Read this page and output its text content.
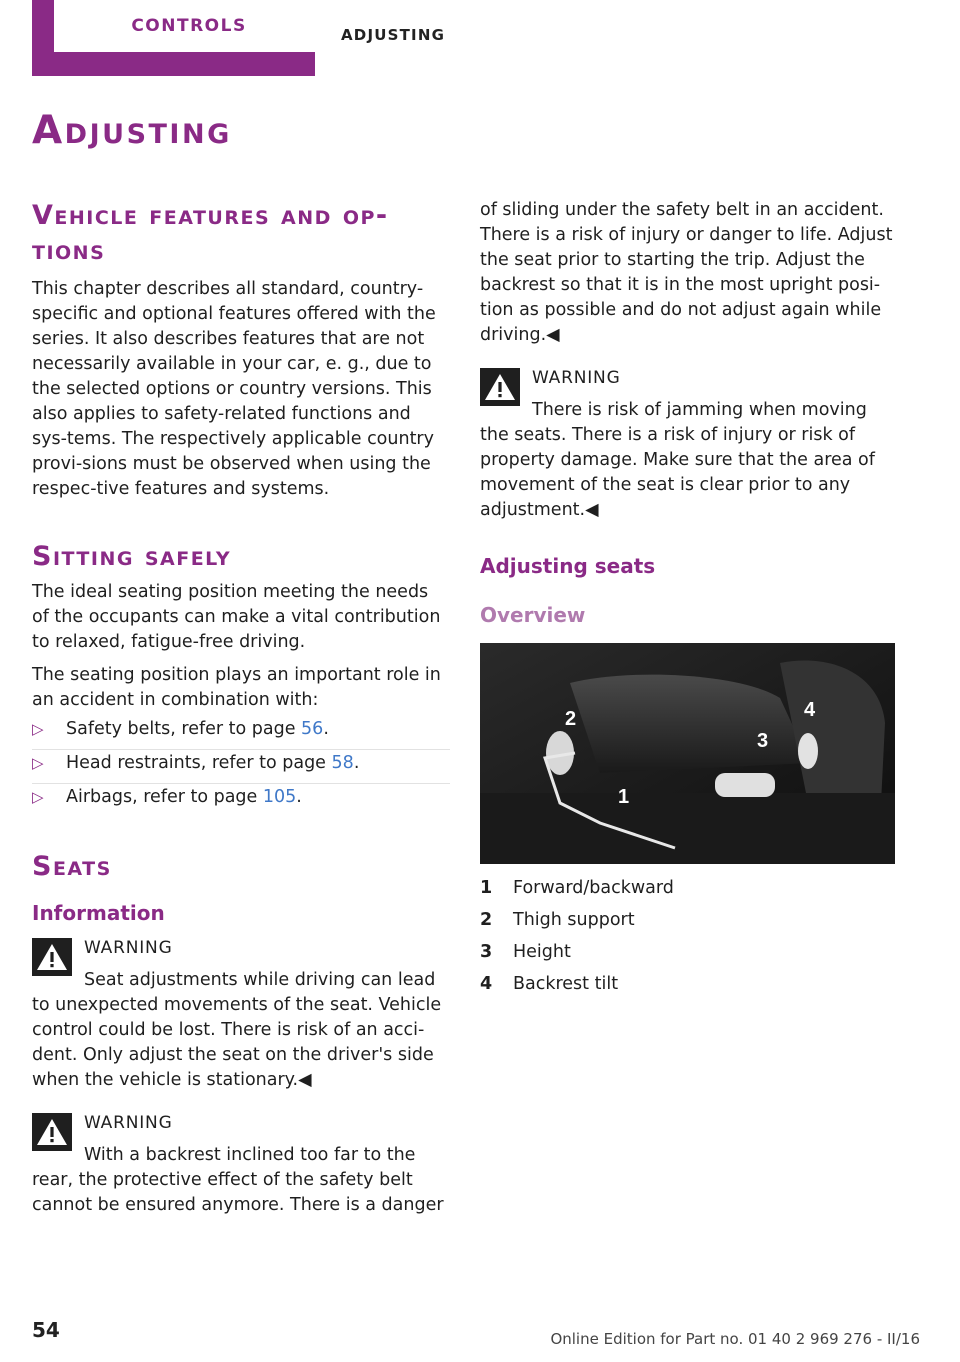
CONTROLS	ADJUSTING
Adjusting
Vehicle features and op‐ tions

This chapter describes all standard, country-specific and optional features offered with the series. It also describes features that are not necessarily available in your car, e. g., due to the selected options or country versions. This also applies to safety-related functions and sys‐tems. The respectively applicable country provi‐sions must be observed when using the respec‐tive features and systems.

Sitting safely

The ideal seating position meeting the needs of the occupants can make a vital contribution to relaxed, fatigue-free driving.

The seating position plays an important role in an accident in combination with:

▷ Safety belts, refer to page 56.
▷ Head restraints, refer to page 58.
▷ Airbags, refer to page 105.
Seats
Information
WARNING

Seat adjustments while driving can lead to unexpected movements of the seat. Vehicle control could be lost. There is risk of an acci‐dent. Only adjust the seat on the driver's side when the vehicle is stationary.◀

WARNING

With a backrest inclined too far to the rear, the protective effect of the safety belt cannot be ensured anymore. There is a danger

of sliding under the safety belt in an accident. There is a risk of injury or danger to life. Adjust the seat prior to starting the trip. Adjust the backrest so that it is in the most upright posi‐tion as possible and do not adjust again while driving.◀

WARNING

There is risk of jamming when moving the seats. There is a risk of injury or risk of property damage. Make sure that the area of movement of the seat is clear prior to any adjustment.◀

Adjusting seats
Overview
1
2
3
4
1	Forward/backward
2	Thigh support
3	Height
4	Backrest tilt
54	Online Edition for Part no. 01 40 2 969 276 - II/16
